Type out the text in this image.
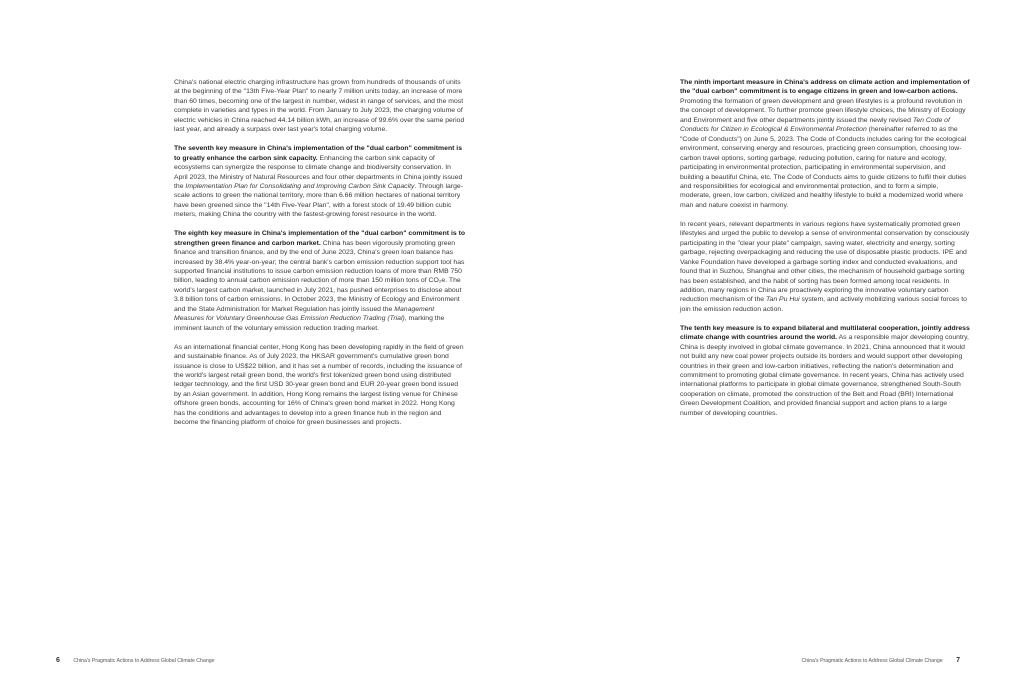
China's national electric charging infrastructure has grown from hundreds of thousands of units at the beginning of the "13th Five-Year Plan" to nearly 7 million units today, an increase of more than 60 times, becoming one of the largest in number, widest in range of services, and the most complete in varieties and types in the world. From January to July 2023, the charging volume of electric vehicles in China reached 44.14 billion kWh, an increase of 99.6% over the same period last year, and already a surpass over last year's total charging volume.

The seventh key measure in China's implementation of the "dual carbon" commitment is to greatly enhance the carbon sink capacity. Enhancing the carbon sink capacity of ecosystems can synergize the response to climate change and biodiversity conservation. In April 2023, the Ministry of Natural Resources and four other departments in China jointly issued the Implementation Plan for Consolidating and Improving Carbon Sink Capacity. Through large-scale actions to green the national territory, more than 6.66 million hectares of national territory have been greened since the "14th Five-Year Plan", with a forest stock of 19.49 billion cubic meters, making China the country with the fastest-growing forest resource in the world.

The eighth key measure in China's implementation of the "dual carbon" commitment is to strengthen green finance and carbon market. China has been vigorously promoting green finance and transition finance, and by the end of June 2023, China's green loan balance has increased by 38.4% year-on-year; the central bank's carbon emission reduction support tool has supported financial institutions to issue carbon emission reduction loans of more than RMB 750 billion, leading to annual carbon emission reduction of more than 150 million tons of CO₂e. The world's largest carbon market, launched in July 2021, has pushed enterprises to disclose about 3.8 billion tons of carbon emissions. In October 2023, the Ministry of Ecology and Environment and the State Administration for Market Regulation has jointly issued the Management Measures for Voluntary Greenhouse Gas Emission Reduction Trading (Trial), marking the imminent launch of the voluntary emission reduction trading market.

As an international financial center, Hong Kong has been developing rapidly in the field of green and sustainable finance. As of July 2023, the HKSAR government's cumulative green bond issuance is close to US$22 billion, and it has set a number of records, including the issuance of the world's largest retail green bond, the world's first tokenized green bond using distributed ledger technology, and the first USD 30-year green bond and EUR 20-year green bond issued by an Asian government. In addition, Hong Kong remains the largest listing venue for Chinese offshore green bonds, accounting for 16% of China's green bond market in 2022. Hong Kong has the conditions and advantages to develop into a green finance hub in the region and become the financing platform of choice for green businesses and projects.

The ninth important measure in China's address on climate action and implementation of the "dual carbon" commitment is to engage citizens in green and low-carbon actions. Promoting the formation of green development and green lifestyles is a profound revolution in the concept of development. To further promote green lifestyle choices, the Ministry of Ecology and Environment and five other departments jointly issued the newly revised Ten Code of Conducts for Citizen in Ecological & Environmental Protection (hereinafter referred to as the "Code of Conducts") on June 5, 2023. The Code of Conducts includes caring for the ecological environment, conserving energy and resources, practicing green consumption, choosing low-carbon travel options, sorting garbage, reducing pollution, caring for nature and ecology, participating in environmental protection, participating in environmental supervision, and building a beautiful China, etc. The Code of Conducts aims to guide citizens to fulfil their duties and responsibilities for ecological and environmental protection, and to form a simple, moderate, green, low carbon, civilized and healthy lifestyle to build a modernized world where man and nature coexist in harmony.

In recent years, relevant departments in various regions have systematically promoted green lifestyles and urged the public to develop a sense of environmental conservation by consciously participating in the "clear your plate" campaign, saving water, electricity and energy, sorting garbage, rejecting overpackaging and reducing the use of disposable plastic products. IPE and Vanke Foundation have developed a garbage sorting index and conducted evaluations, and found that in Suzhou, Shanghai and other cities, the mechanism of household garbage sorting has been established, and the habit of sorting has been formed among local residents. In addition, many regions in China are proactively exploring the innovative voluntary carbon reduction mechanism of the Tan Pu Hui system, and actively mobilizing various social forces to join the emission reduction action.

The tenth key measure is to expand bilateral and multilateral cooperation, jointly address climate change with countries around the world. As a responsible major developing country, China is deeply involved in global climate governance. In 2021, China announced that it would not build any new coal power projects outside its borders and would support other developing countries in their green and low-carbon initiatives, reflecting the nation's determination and commitment to promoting global climate governance. In recent years, China has actively used international platforms to participate in global climate governance, strengthened South-South cooperation on climate, promoted the construction of the Belt and Road (BRI) International Green Development Coalition, and provided financial support and action plans to a large number of developing countries.

6	China's Pragmatic Actions to Address Global Climate Change	China's Pragmatic Actions to Address Global Climate Change 7
